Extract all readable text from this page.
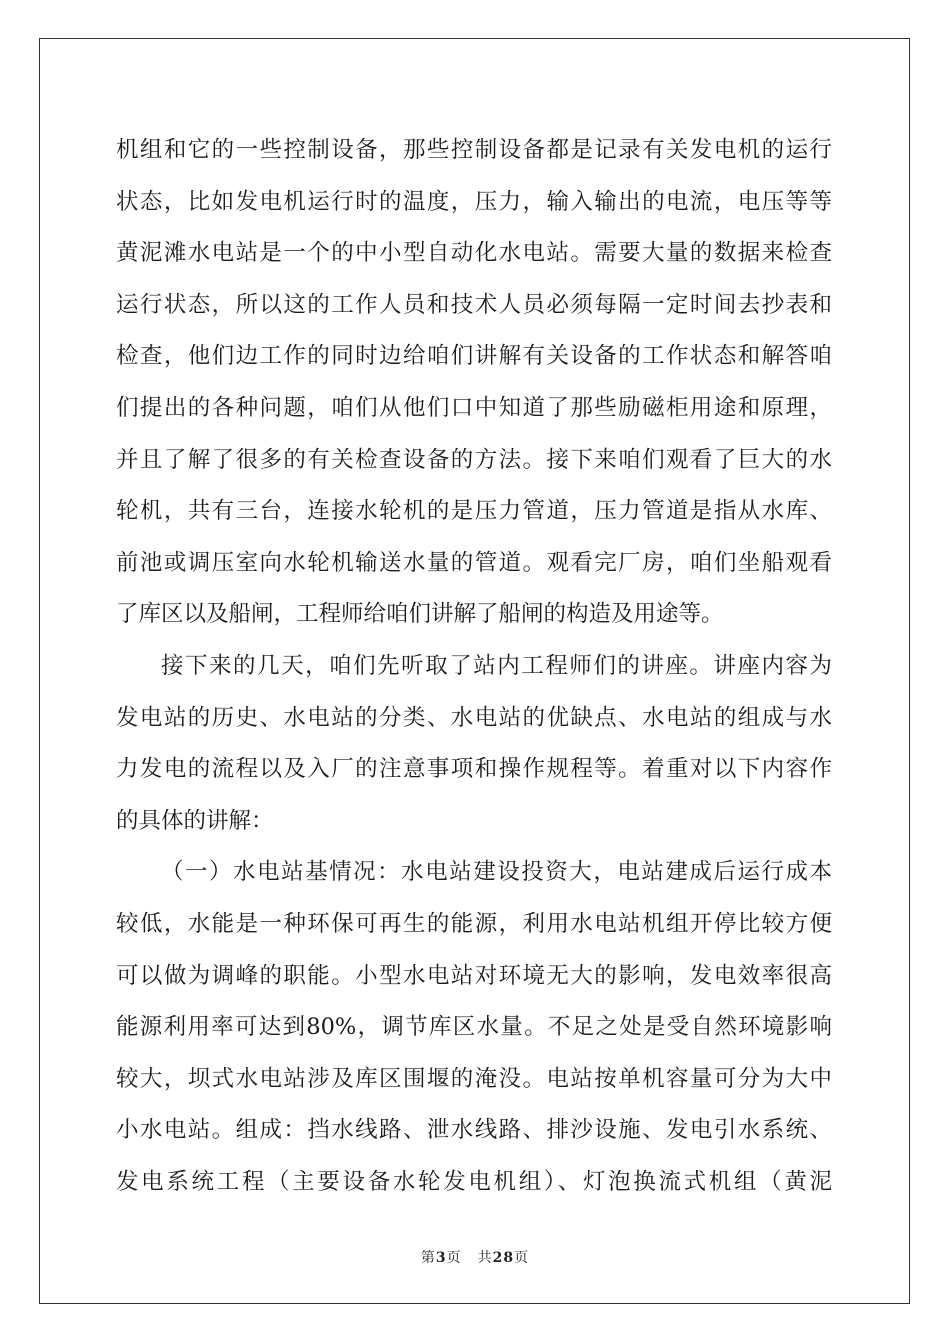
机组和它的一些控制设备，那些控制设备都是记录有关发电机的运行
状态，比如发电机运行时的温度，压力，输入输出的电流，电压等等
黄泥滩水电站是一个的中小型自动化水电站。需要大量的数据来检查
运行状态，所以这的工作人员和技术人员必须每隔一定时间去抄表和
检查，他们边工作的同时边给咱们讲解有关设备的工作状态和解答咱
们提出的各种问题，咱们从他们口中知道了那些励磁柜用途和原理，
并且了解了很多的有关检查设备的方法。接下来咱们观看了巨大的水
轮机，共有三台，连接水轮机的是压力管道，压力管道是指从水库、
前池或调压室向水轮机输送水量的管道。观看完厂房，咱们坐船观看
了库区以及船闸，工程师给咱们讲解了船闸的构造及用途等。
接下来的几天，咱们先听取了站内工程师们的讲座。讲座内容为
发电站的历史、水电站的分类、水电站的优缺点、水电站的组成与水
力发电的流程以及入厂的注意事项和操作规程等。着重对以下内容作
的具体的讲解：
（一）水电站基情况：水电站建设投资大，电站建成后运行成本
较低，水能是一种环保可再生的能源，利用水电站机组开停比较方便
可以做为调峰的职能。小型水电站对环境无大的影响，发电效率很高
能源利用率可达到80%，调节库区水量。不足之处是受自然环境影响
较大，坝式水电站涉及库区围堰的淹没。电站按单机容量可分为大中
小水电站。组成：挡水线路、泄水线路、排沙设施、发电引水系统、
发电系统工程（主要设备水轮发电机组）、灯泡换流式机组（黄泥
第3页 共28页
